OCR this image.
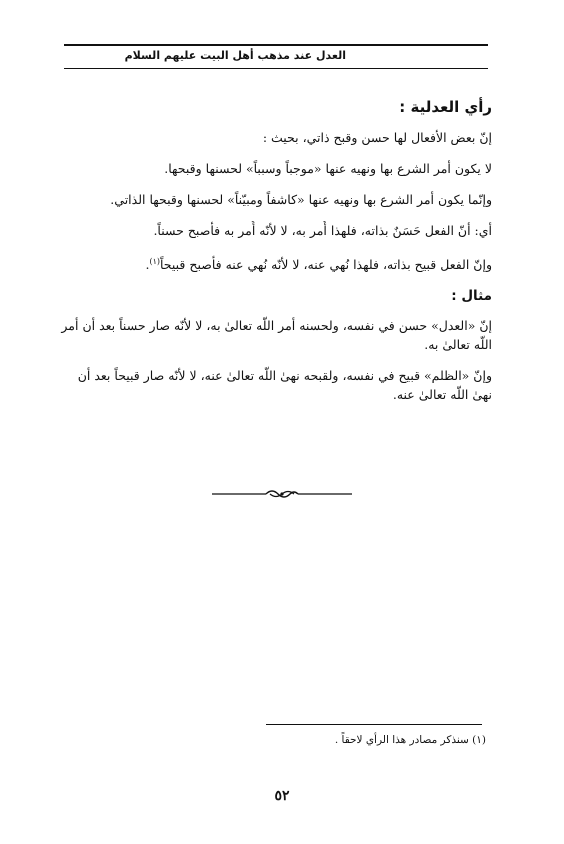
العدل عند مذهب أهل البيت عليهم السلام
رأي العدلية :

إنّ بعض الأفعال لها حسن وقبح ذاتي، بحيث :

لا يكون أمر الشرع بها ونهيه عنها «موجباً وسبباً» لحسنها وقبحها.

وإنّما يكون أمر الشرع بها ونهيه عنها «كاشفاً ومبيّناً» لحسنها وقبحها الذاتي.

أي: أنّ الفعل حَسَنٌ بذاته، فلهذا أُمر به، لا لأنّه أُمر به فأصبح حسناً.

وإنّ الفعل قبيح بذاته، فلهذا نُهي عنه، لا لأنّه نُهي عنه فأصبح قبيحاً$^{(١)}$.

مثال :

إنّ «العدل» حسن في نفسه، ولحسنه أمر اللّه تعالىٰ به، لا لأنّه صار حسناً بعد أن أمر اللّه تعالىٰ به.

وإنّ «الظلم» قبيح في نفسه، ولقبحه نهىٰ اللّه تعالىٰ عنه، لا لأنّه صار قبيحاً بعد أن نهىٰ اللّه تعالىٰ عنه.

(١) سنذكر مصادر هذا الرأي لاحقاً .
٥٢
